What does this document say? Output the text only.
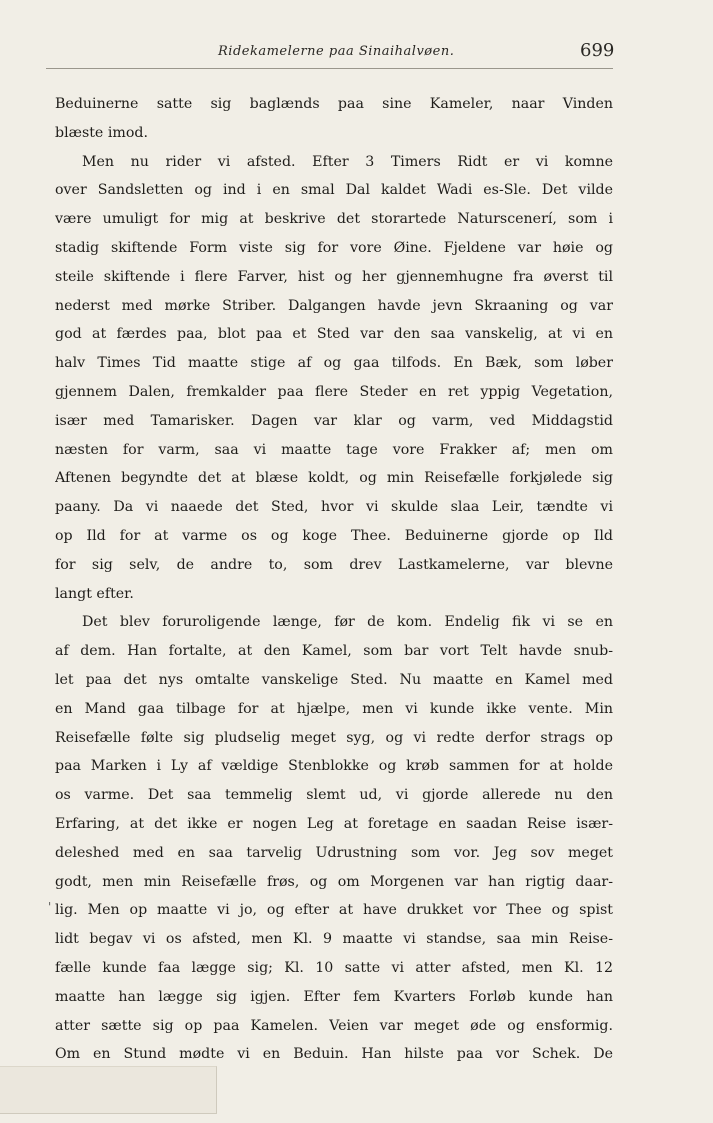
Ridekamelerne paa Sinaihalvøen.	699
Beduinerne satte sig baglænds paa sine Kameler, naar Vinden
blæste imod.
Men nu rider vi afsted. Efter 3 Timers Ridt er vi komne
over Sandsletten og ind i en smal Dal kaldet Wadi es-Sle. Det vilde
være umuligt for mig at beskrive det storartede Naturscenerí, som i
stadig skiftende Form viste sig for vore Øine. Fjeldene var høie og
steile skiftende i flere Farver, hist og her gjennemhugne fra øverst til
nederst med mørke Striber. Dalgangen havde jevn Skraaning og var
god at færdes paa, blot paa et Sted var den saa vanskelig, at vi en
halv Times Tid maatte stige af og gaa tilfods. En Bæk, som løber
gjennem Dalen, fremkalder paa flere Steder en ret yppig Vegetation,
især med Tamarisker. Dagen var klar og varm, ved Middagstid
næsten for varm, saa vi maatte tage vore Frakker af; men om
Aftenen begyndte det at blæse koldt, og min Reisefælle forkjølede sig
paany. Da vi naaede det Sted, hvor vi skulde slaa Leir, tændte vi
op Ild for at varme os og koge Thee. Beduinerne gjorde op Ild
for sig selv, de andre to, som drev Lastkamelerne, var blevne
langt efter.
Det blev foruroligende længe, før de kom. Endelig fik vi se en
af dem. Han fortalte, at den Kamel, som bar vort Telt havde snub-
let paa det nys omtalte vanskelige Sted. Nu maatte en Kamel med
en Mand gaa tilbage for at hjælpe, men vi kunde ikke vente. Min
Reisefælle følte sig pludselig meget syg, og vi redte derfor strags op
paa Marken i Ly af vældige Stenblokke og krøb sammen for at holde
os varme. Det saa temmelig slemt ud, vi gjorde allerede nu den
Erfaring, at det ikke er nogen Leg at foretage en saadan Reise især-
deleshed med en saa tarvelig Udrustning som vor. Jeg sov meget
godt, men min Reisefælle frøs, og om Morgenen var han rigtig daar-
lig. Men op maatte vi jo, og efter at have drukket vor Thee og spist
lidt begav vi os afsted, men Kl. 9 maatte vi standse, saa min Reise-
fælle kunde faa lægge sig; Kl. 10 satte vi atter afsted, men Kl. 12
maatte han lægge sig igjen. Efter fem Kvarters Forløb kunde han
atter sætte sig op paa Kamelen. Veien var meget øde og ensformig.
Om en Stund mødte vi en Beduin. Han hilste paa vor Schek. De
'
